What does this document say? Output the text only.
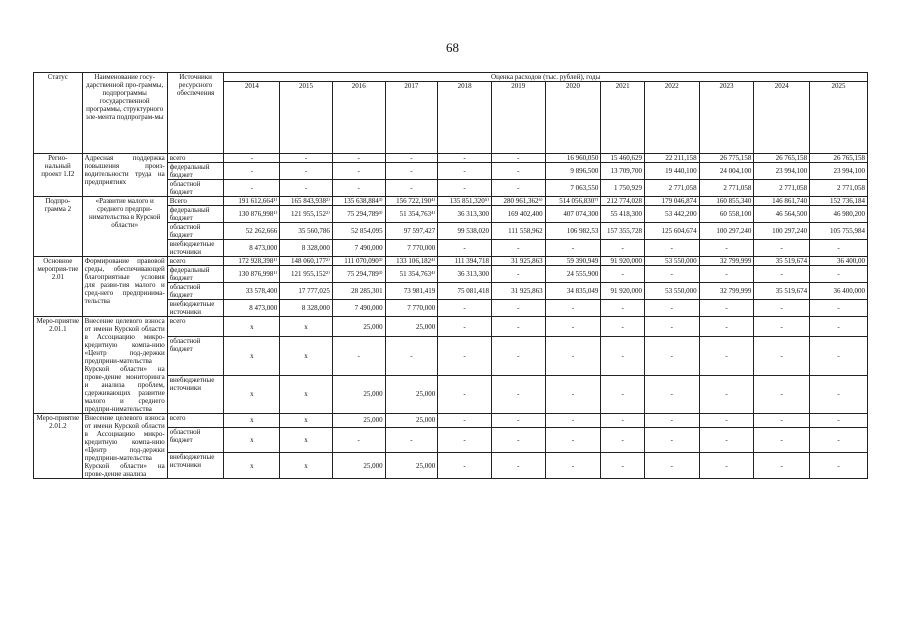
68
Статус	Наименование госу-дарственной про-граммы, подпрограммы государственной программы, структурного эле-мента подпрограм-мы	Источники ресурсного обеспечения	Оценка расходов (тыс. рублей), годы											
			2014	2015	2016	2017	2018	2019	2020	2021	2022	2023	2024	2025
Регио-нальный проект 1.I2	Адресная поддержка повышения произ-водительности труда на предприятиях	всего	-	-	-	-	-	-	16 960,050	15 460,629	22 211,158	26 775,158	26 765,158	26 765,158
		федеральный бюджет	-	-	-	-	-	-	9 896,500	13 709,700	19 440,100	24 004,100	23 994,100	23 994,100
		областной бюджет	-	-	-	-	-	-	7 063,550	1 750,929	2 771,058	2 771,058	2 771,058	2 771,058
Подпро-грамма 2	«Развитие малого и среднего предпри-нимательства в Курской области»	Всего	191 612,664¹⁾	165 843,938²⁾	135 638,884³⁾	156 722,190⁴⁾	135 851,320⁵⁾	280 961,362⁶⁾	514 056,830⁷⁾	212 774,028	179 046,874	160 855,340	146 861,740	152 736,184
		федеральный бюджет	130 876,998¹⁾	121 955,152²⁾	75 294,789³⁾	51 354,763⁴⁾	36 313,300	169 402,400	407 074,300	55 418,300	53 442,200	60 558,100	46 564,500	46 980,200
		областной бюджет	52 262,666	35 560,786	52 854,095	97 597,427	99 538,020	111 558,962	106 982,53	157 355,728	125 604,674	100 297,240	100 297,240	105 755,984
		внебюджетные источники	8 473,000	8 328,000	7 490,000	7 770,000	-	-	-	-	-	-	-	-
Основное мероприя-тие 2.01	Формирование правовой среды, обеспечивающей благоприятные условия для разви-тия малого и сред-него предпринима-тельства	всего	172 928,398¹⁾	148 060,177²⁾	111 070,090³⁾	133 106,182⁴⁾	111 394,718	31 925,863	59 390,949	91 920,000	53 550,000	32 799,999	35 519,674	36 400,00
		федеральный бюджет	130 876,998¹⁾	121 955,152²⁾	75 294,789³⁾	51 354,763⁴⁾	36 313,300	-	24 555,900	-	-	-	-	-
		областной бюджет	33 578,400	17 777,025	28 285,301	73 981,419	75 081,418	31 925,863	34 835,049	91 920,000	53 550,000	32 799,999	35 519,674	36 400,000
		внебюджетные источники	8 473,000	8 328,000	7 490,000	7 770,000	-	-	-	-	-	-	-	-
Меро-приятие 2.01.1	Внесение целевого взноса от имени Курской области в Ассоциацию микро-кредитную компа-нию «Центр под-держки предприни-мательства Курской области» на прове-дение мониторинга и анализа проблем, сдерживающих развитие малого и среднего предпри-нимательства	всего	х	х	25,000	25,000	-	-	-	-	-	-	-	-
		областной бюджет	х	х	-	-	-	-	-	-	-	-	-	-
		внебюджетные источники	х	х	25,000	25,000	-	-	-	-	-	-	-	-
Меро-приятие 2.01.2	Внесение целевого взноса от имени Курской области в Ассоциацию микро-кредитную компа-нию «Центр под-держки предприни-мательства Курской области» на прове-дение анализа	всего	х	х	25,000	25,000	-	-	-	-	-	-	-	-
		областной бюджет	х	х	-	-	-	-	-	-	-	-	-	-
		внебюджетные источники	х	х	25,000	25,000	-	-	-	-	-	-	-	-
